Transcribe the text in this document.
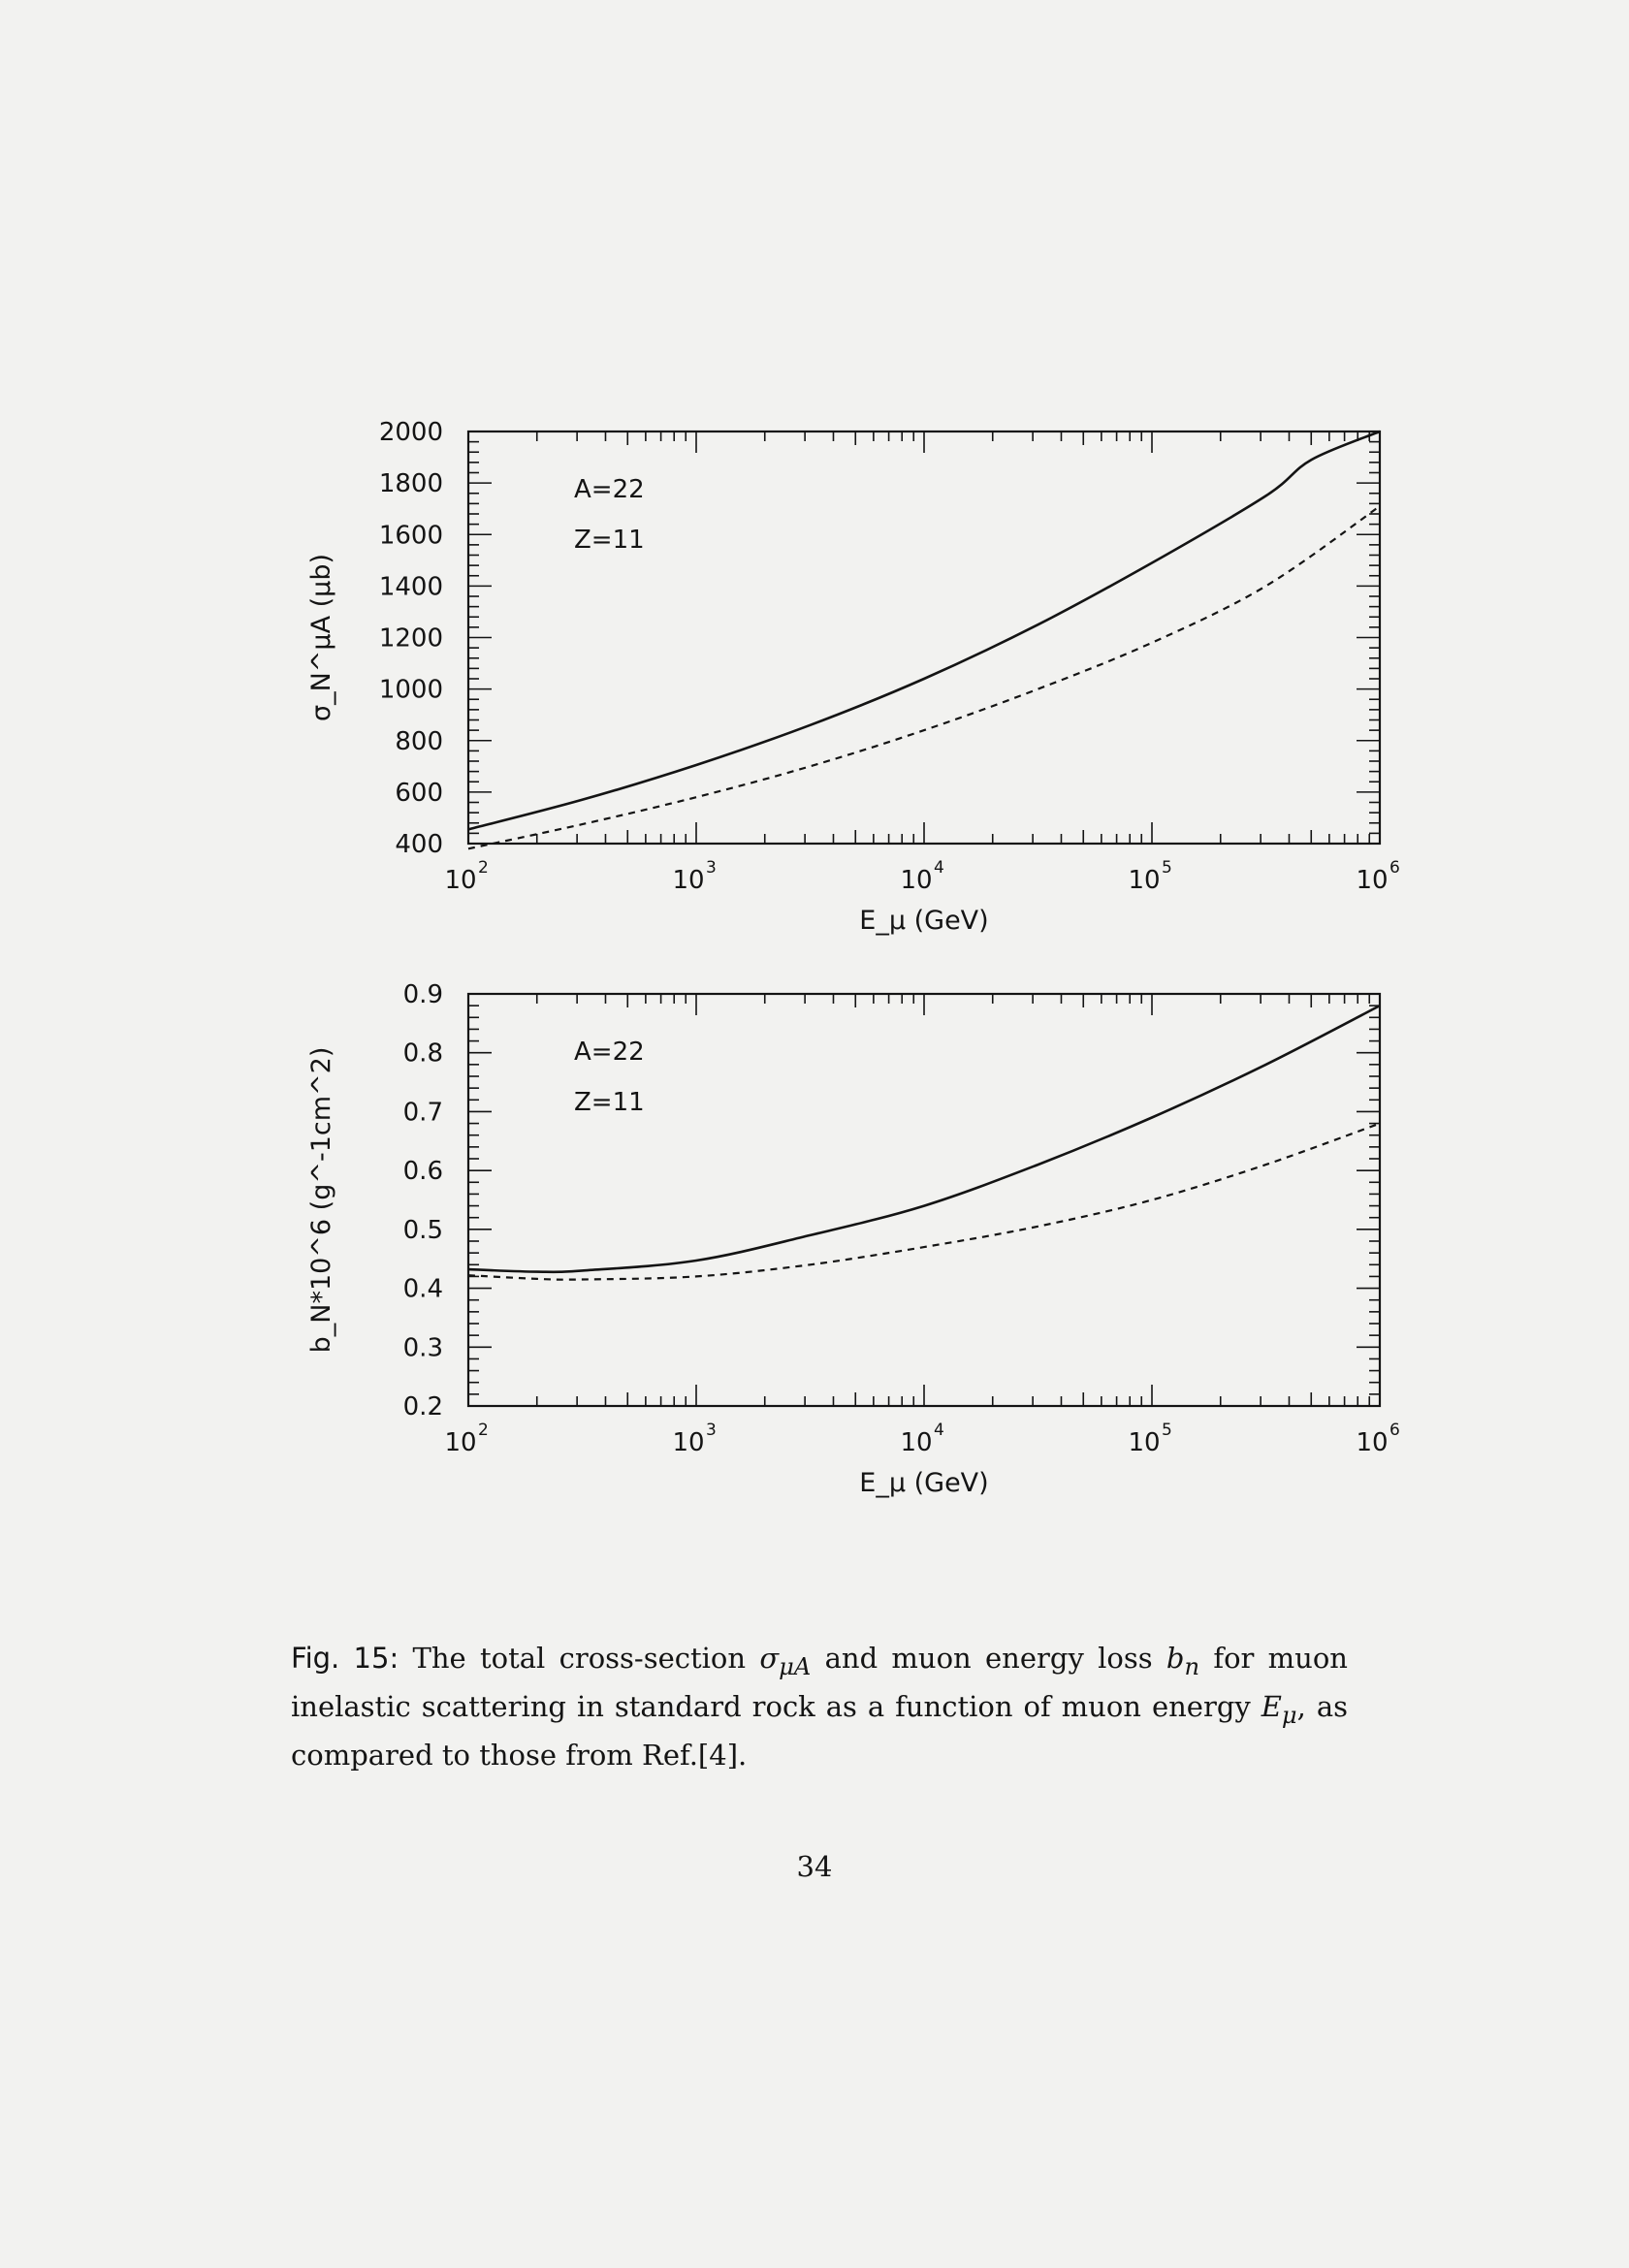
400
600
800
1000
1200
1400
1600
1800
2000
10 2	10 3	10 4	10 5	10 6
E_μ (GeV)
σ_N^μA (μb)
A=22
Z=11
0.2
0.3
0.4
0.5
0.6
0.7
0.8
0.9
10 2	10 3	10 4	10 5	10 6
E_μ (GeV)
b_N*10^6 (g^-1cm^2)	A=22
Z=11

Fig. 15: The total cross-section $\sigma_{\mu A}$ and muon energy loss $b_n$ for muon inelastic scattering in standard rock as a function of muon energy $E_\mu$, as compared to those from Ref.[4].

34
